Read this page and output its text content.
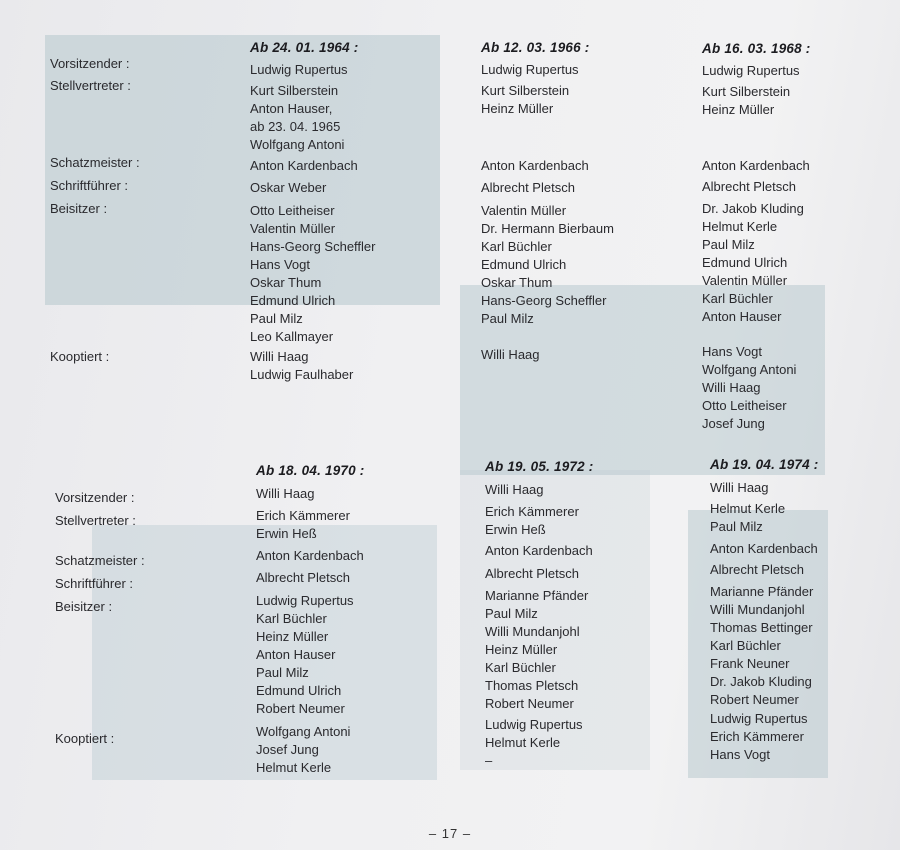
Vorsitzender :
Stellvertreter :
Schatzmeister :
Schriftführer :
Beisitzer :
Kooptiert :
Vorsitzender :
Stellvertreter :
Schatzmeister :
Schriftführer :
Beisitzer :
Kooptiert :
Ab 24. 01. 1964 :
Ludwig Rupertus
Kurt Silberstein
Anton Hauser,
ab 23. 04. 1965
Wolfgang Antoni
Anton Kardenbach
Oskar Weber
Otto Leitheiser
Valentin Müller
Hans-Georg Scheffler
Hans Vogt
Oskar Thum
Edmund Ulrich
Paul Milz
Leo Kallmayer
Willi Haag
Ludwig Faulhaber
Ab 12. 03. 1966 :
Ludwig Rupertus
Kurt Silberstein
Heinz Müller
Anton Kardenbach
Albrecht Pletsch
Valentin Müller
Dr. Hermann Bierbaum
Karl Büchler
Edmund Ulrich
Oskar Thum
Hans-Georg Scheffler
Paul Milz
Willi Haag
Ab 16. 03. 1968 :
Ludwig Rupertus
Kurt Silberstein
Heinz Müller
Anton Kardenbach
Albrecht Pletsch
Dr. Jakob Kluding
Helmut Kerle
Paul Milz
Edmund Ulrich
Valentin Müller
Karl Büchler
Anton Hauser
Hans Vogt
Wolfgang Antoni
Willi Haag
Otto Leitheiser
Josef Jung
Ab 18. 04. 1970 :
Willi Haag
Erich Kämmerer
Erwin Heß
Anton Kardenbach
Albrecht Pletsch
Ludwig Rupertus
Karl Büchler
Heinz Müller
Anton Hauser
Paul Milz
Edmund Ulrich
Robert Neumer
Wolfgang Antoni
Josef Jung
Helmut Kerle
Ab 19. 05. 1972 :
Willi Haag
Erich Kämmerer
Erwin Heß
Anton Kardenbach
Albrecht Pletsch
Marianne Pfänder
Paul Milz
Willi Mundanjohl
Heinz Müller
Karl Büchler
Thomas Pletsch
Robert Neumer
Ludwig Rupertus
Helmut Kerle
–
Ab 19. 04. 1974 :
Willi Haag
Helmut Kerle
Paul Milz
Anton Kardenbach
Albrecht Pletsch
Marianne Pfänder
Willi Mundanjohl
Thomas Bettinger
Karl Büchler
Frank Neuner
Dr. Jakob Kluding
Robert Neumer
Ludwig Rupertus
Erich Kämmerer
Hans Vogt
– 17 –
